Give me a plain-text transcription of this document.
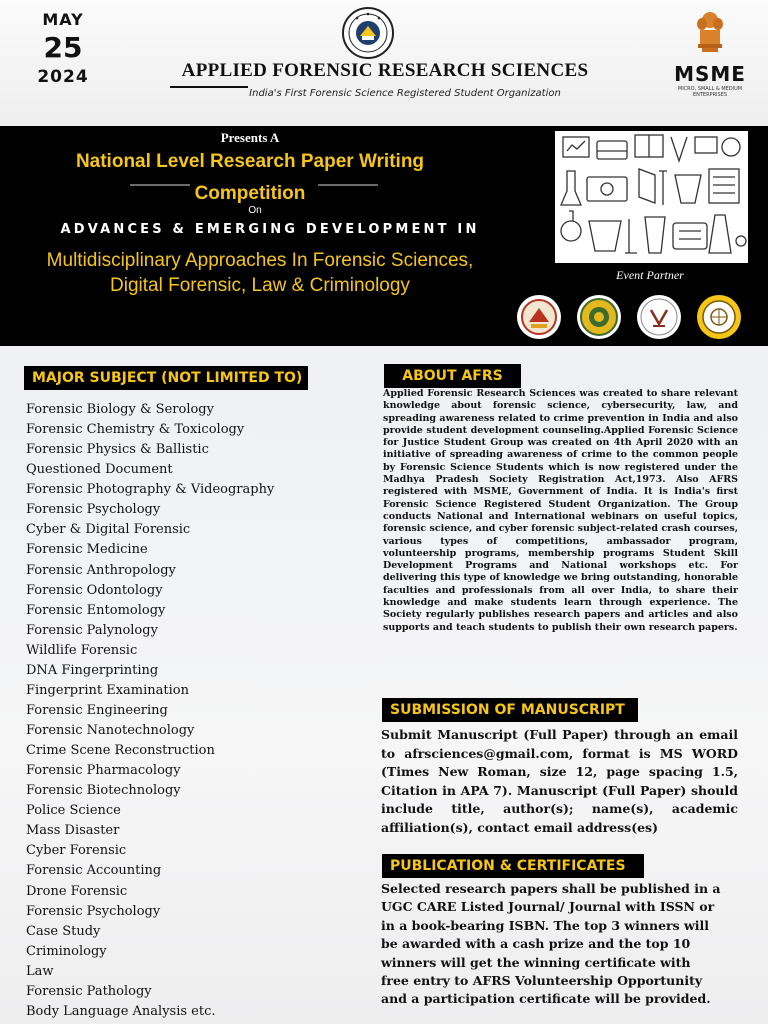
MAY
25
2024	APPLIED FORENSIC RESEARCH SCIENCES
India's First Forensic Science Registered Student Organization
MSME
MICRO, SMALL & MEDIUM ENTERPRISES
Presents A
National Level Research Paper Writing Competition
On
ADVANCES & EMERGING DEVELOPMENT IN
Multidisciplinary Approaches In Forensic Sciences, Digital Forensic, Law & Criminology	Event Partner
MAJOR SUBJECT (NOT LIMITED TO)
Forensic Biology & Serology
Forensic Chemistry & Toxicology
Forensic Physics & Ballistic
Questioned Document
Forensic Photography & Videography
Forensic Psychology
Cyber & Digital Forensic
Forensic Medicine
Forensic Anthropology
Forensic Odontology
Forensic Entomology
Forensic Palynology
Wildlife Forensic
DNA Fingerprinting
Fingerprint Examination
Forensic Engineering
Forensic Nanotechnology
Crime Scene Reconstruction
Forensic Pharmacology
Forensic Biotechnology
Police Science
Mass Disaster
Cyber Forensic
Forensic Accounting
Drone Forensic
Forensic Psychology
Case Study
Criminology
Law
Forensic Pathology
Body Language Analysis etc.
ABOUT AFRS

Applied Forensic Research Sciences was created to share relevant knowledge about forensic science, cybersecurity, law, and spreading awareness related to crime prevention in India and also provide student development counseling.Applied Forensic Science for Justice Student Group was created on 4th April 2020 with an initiative of spreading awareness of crime to the common people by Forensic Science Students which is now registered under the Madhya Pradesh Society Registration Act,1973. Also AFRS registered with MSME, Government of India. It is India's first Forensic Science Registered Student Organization. The Group conducts National and International webinars on useful topics, forensic science, and cyber forensic subject-related crash courses, various types of competitions, ambassador program, volunteership programs, membership programs Student Skill Development Programs and National workshops etc. For delivering this type of knowledge we bring outstanding, honorable faculties and professionals from all over India, to share their knowledge and make students learn through experience. The Society regularly publishes research papers and articles and also supports and teach students to publish their own research papers.

SUBMISSION OF MANUSCRIPT

Submit Manuscript (Full Paper) through an email to afrsciences@gmail.com, format is MS WORD (Times New Roman, size 12, page spacing 1.5, Citation in APA 7). Manuscript (Full Paper) should include title, author(s); name(s), academic affiliation(s), contact email address(es)

PUBLICATION & CERTIFICATES

Selected research papers shall be published in a UGC CARE Listed Journal/ Journal with ISSN or in a book-bearing ISBN. The top 3 winners will be awarded with a cash prize and the top 10 winners will get the winning certificate with free entry to AFRS Volunteership Opportunity and a participation certificate will be provided.
